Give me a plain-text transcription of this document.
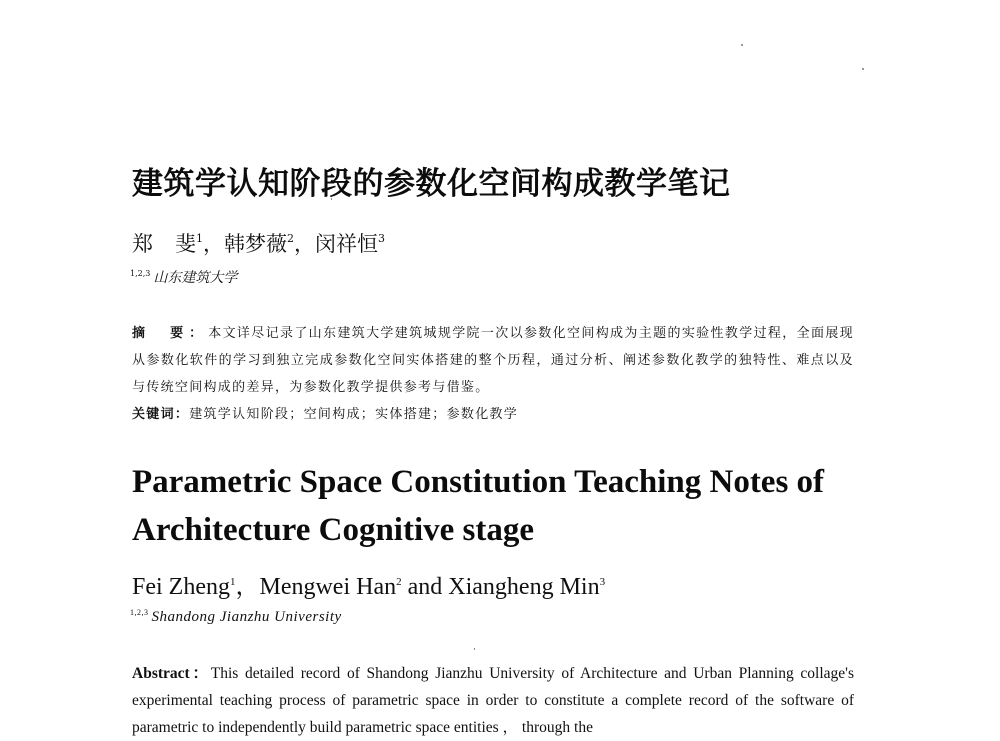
建筑学认知阶段的参数化空间构成教学笔记
郑 斐$^1$，韩梦薇$^2$，闵祥恒$^3$
$^{1,2,3}$ 山东建筑大学
摘　要：本文详尽记录了山东建筑大学建筑城规学院一次以参数化空间构成为主题的实验性教学过程，全面展现从参数化软件的学习到独立完成参数化空间实体搭建的整个历程，通过分析、阐述参数化教学的独特性、难点以及与传统空间构成的差异，为参数化教学提供参考与借鉴。
关键词：建筑学认知阶段；空间构成；实体搭建；参数化教学
Parametric Space Constitution Teaching Notes of Architecture Cognitive stage
Fei Zheng$^1$，Mengwei Han$^2$ and Xiangheng Min$^3$
$^{1,2,3}$ Shandong Jianzhu University
Abstract：This detailed record of Shandong Jianzhu University of Architecture and Urban Planning collage's experimental teaching process of parametric space in order to constitute a complete record of the software of parametric to independently build parametric space entities ， through the
